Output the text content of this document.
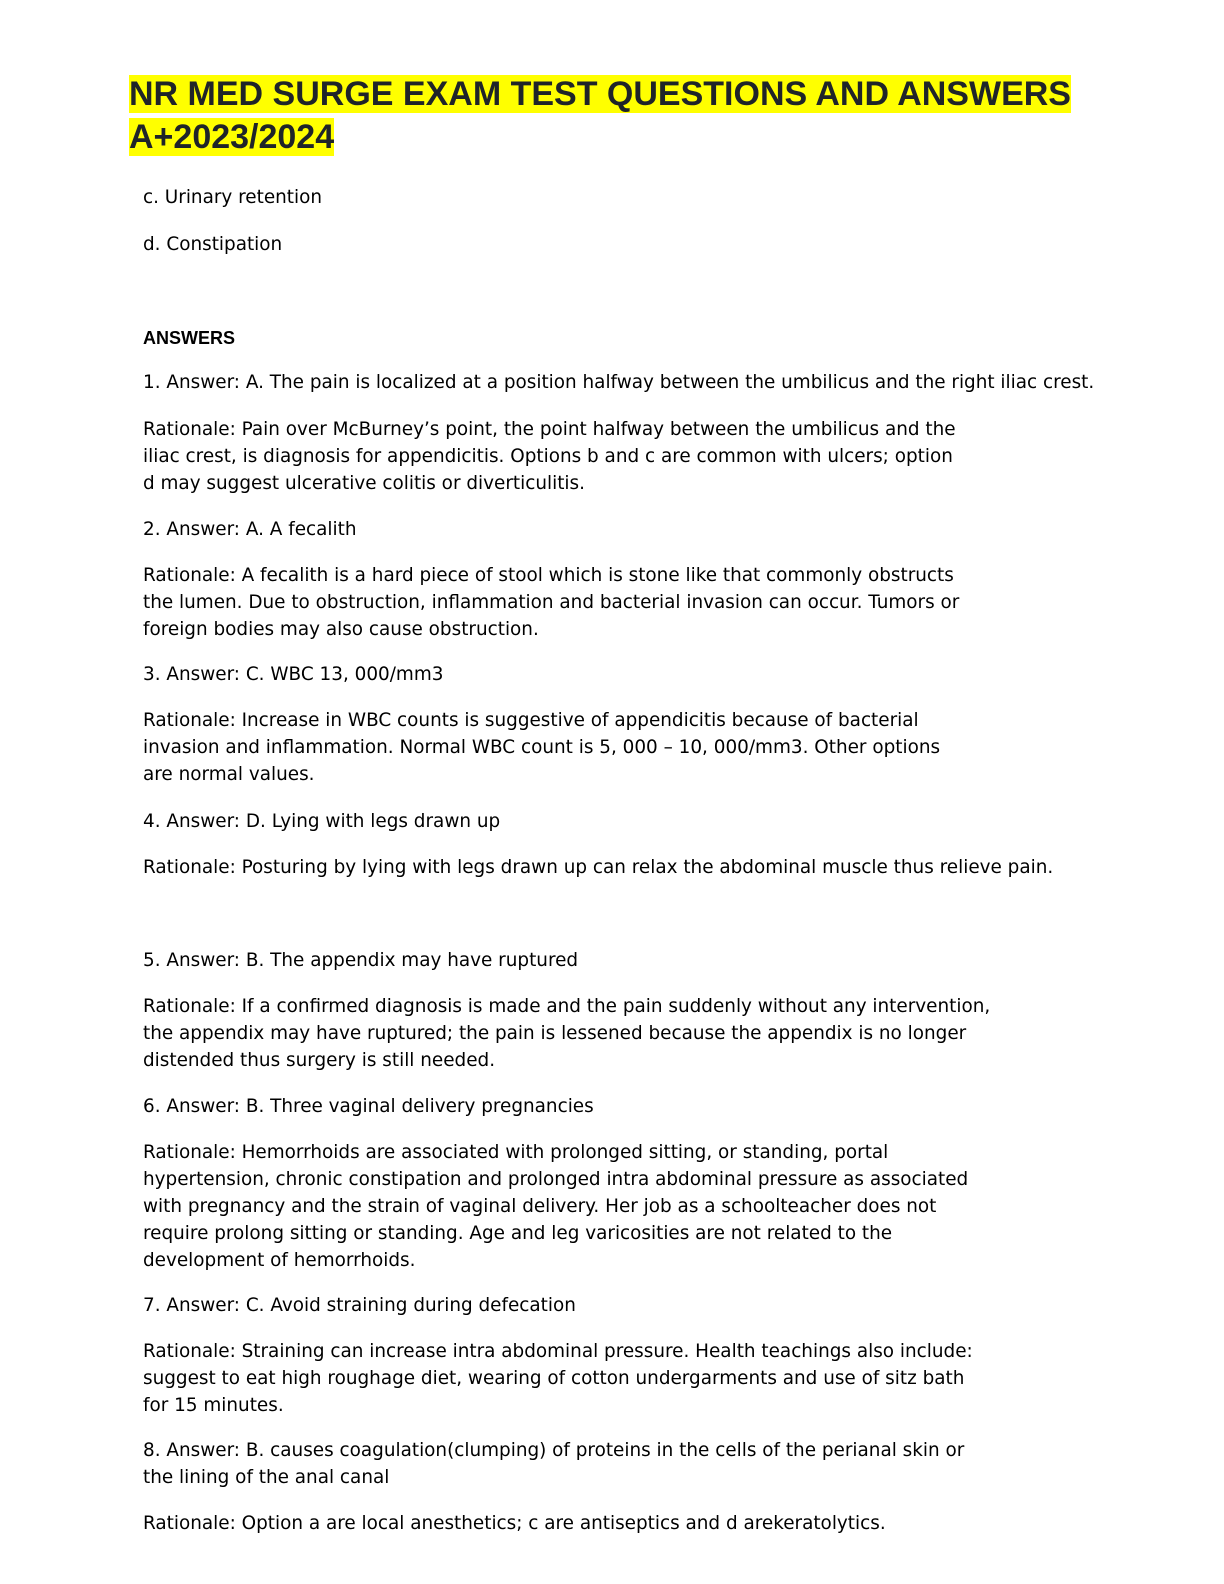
NR MED SURGE EXAM TEST QUESTIONS AND ANSWERS
A+2023/2024

c. Urinary retention

d. Constipation

ANSWERS

1. Answer: A. The pain is localized at a position halfway between the umbilicus and the right iliac crest.

Rationale: Pain over McBurney’s point, the point halfway between the umbilicus and the
iliac crest, is diagnosis for appendicitis. Options b and c are common with ulcers; option
d may suggest ulcerative colitis or diverticulitis.

2. Answer: A. A fecalith

Rationale: A fecalith is a hard piece of stool which is stone like that commonly obstructs
the lumen. Due to obstruction, inflammation and bacterial invasion can occur. Tumors or
foreign bodies may also cause obstruction.

3. Answer: C. WBC 13, 000/mm3

Rationale: Increase in WBC counts is suggestive of appendicitis because of bacterial
invasion and inflammation. Normal WBC count is 5, 000 – 10, 000/mm3. Other options
are normal values.

4. Answer: D. Lying with legs drawn up

Rationale: Posturing by lying with legs drawn up can relax the abdominal muscle thus relieve pain.

5. Answer: B. The appendix may have ruptured

Rationale: If a confirmed diagnosis is made and the pain suddenly without any intervention,
the appendix may have ruptured; the pain is lessened because the appendix is no longer
distended thus surgery is still needed.

6. Answer: B. Three vaginal delivery pregnancies

Rationale: Hemorrhoids are associated with prolonged sitting, or standing, portal
hypertension, chronic constipation and prolonged intra abdominal pressure as associated
with pregnancy and the strain of vaginal delivery. Her job as a schoolteacher does not
require prolong sitting or standing. Age and leg varicosities are not related to the
development of hemorrhoids.

7. Answer: C. Avoid straining during defecation

Rationale: Straining can increase intra abdominal pressure. Health teachings also include:
suggest to eat high roughage diet, wearing of cotton undergarments and use of sitz bath
for 15 minutes.

8. Answer: B. causes coagulation(clumping) of proteins in the cells of the perianal skin or
the lining of the anal canal

Rationale: Option a are local anesthetics; c are antiseptics and d arekeratolytics.
